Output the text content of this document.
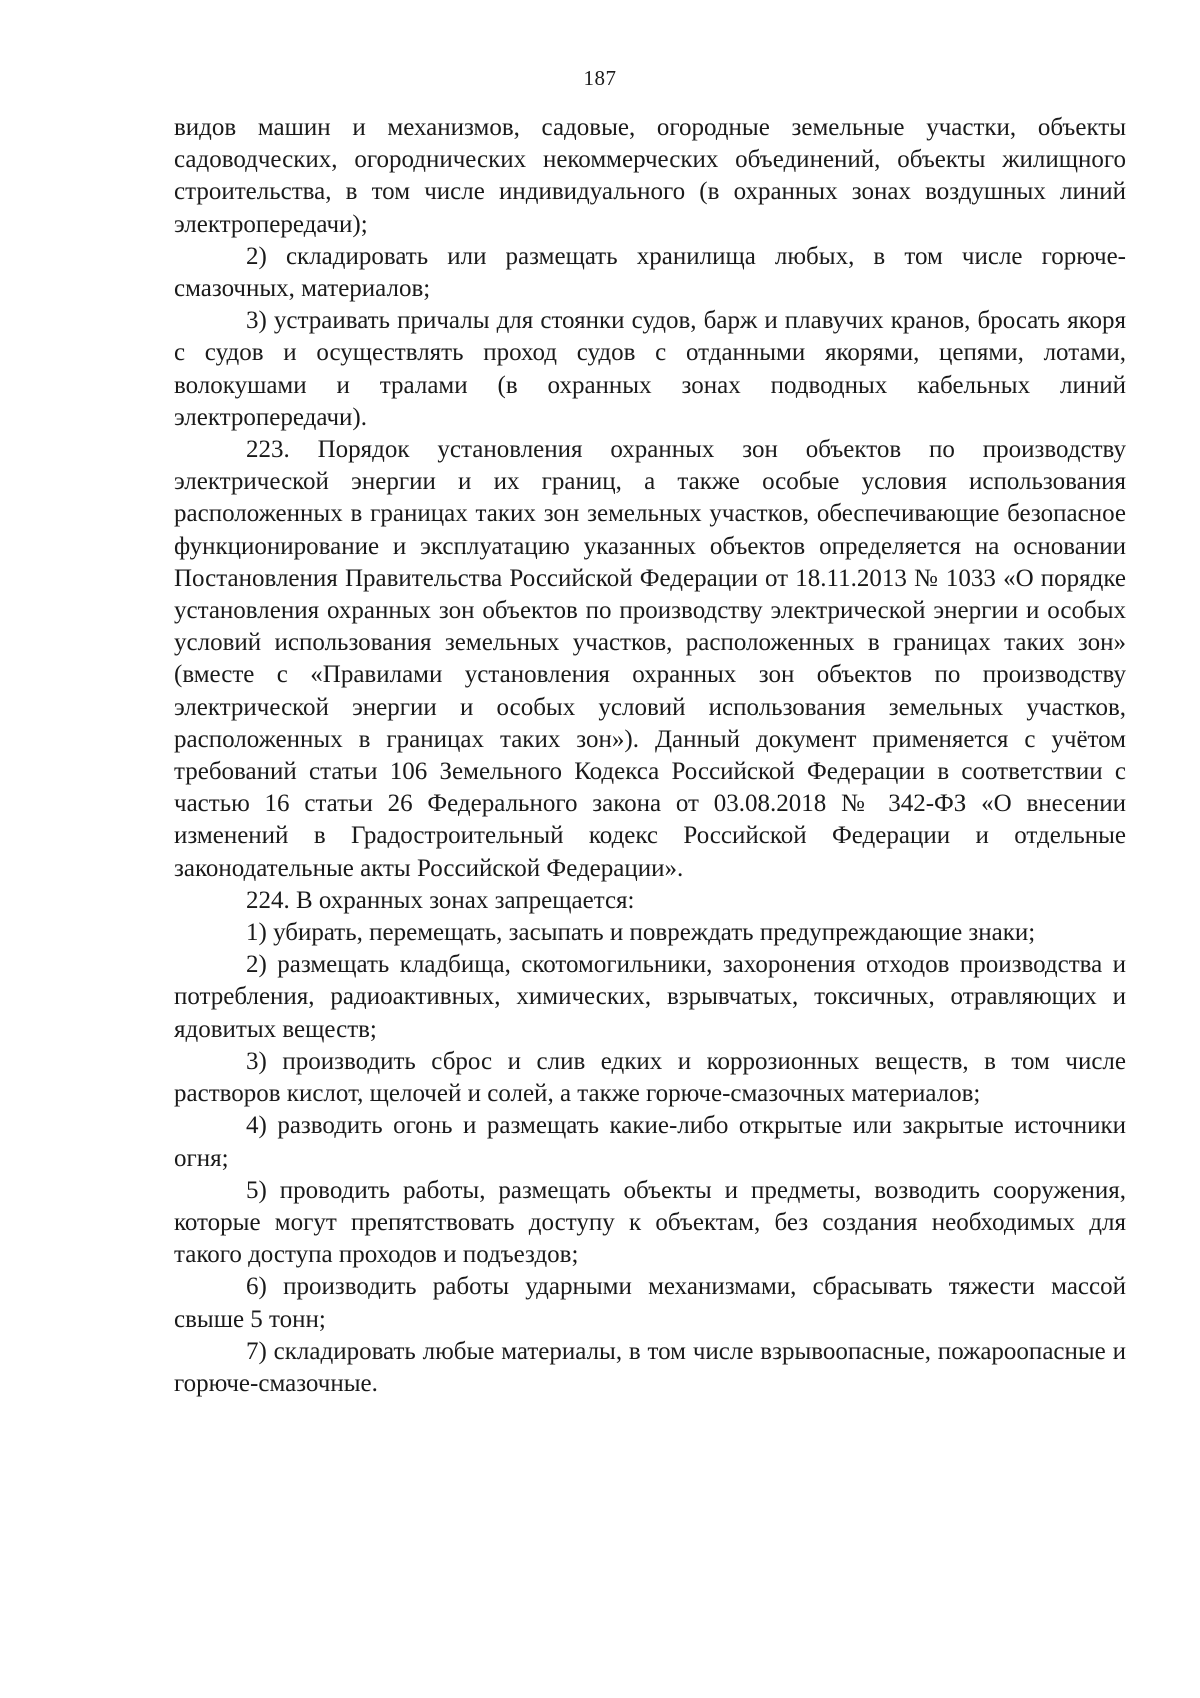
187

видов машин и механизмов, садовые, огородные земельные участки, объекты садоводческих, огороднических некоммерческих объединений, объекты жилищного строительства, в том числе индивидуального (в охранных зонах воздушных линий электропередачи);

2) складировать или размещать хранилища любых, в том числе горюче-смазочных, материалов;

3) устраивать причалы для стоянки судов, барж и плавучих кранов, бросать якоря с судов и осуществлять проход судов с отданными якорями, цепями, лотами, волокушами и тралами (в охранных зонах подводных кабельных линий электропередачи).

223. Порядок установления охранных зон объектов по производству электрической энергии и их границ, а также особые условия использования расположенных в границах таких зон земельных участков, обеспечивающие безопасное функционирование и эксплуатацию указанных объектов определяется на основании Постановления Правительства Российской Федерации от 18.11.2013 № 1033 «О порядке установления охранных зон объектов по производству электрической энергии и особых условий использования земельных участков, расположенных в границах таких зон» (вместе с «Правилами установления охранных зон объектов по производству электрической энергии и особых условий использования земельных участков, расположенных в границах таких зон»). Данный документ применяется с учётом требований статьи 106 Земельного Кодекса Российской Федерации в соответствии с частью 16 статьи 26 Федерального закона от 03.08.2018 № 342-ФЗ «О внесении изменений в Градостроительный кодекс Российской Федерации и отдельные законодательные акты Российской Федерации».

224. В охранных зонах запрещается:

1) убирать, перемещать, засыпать и повреждать предупреждающие знаки;

2) размещать кладбища, скотомогильники, захоронения отходов производства и потребления, радиоактивных, химических, взрывчатых, токсичных, отравляющих и ядовитых веществ;

3) производить сброс и слив едких и коррозионных веществ, в том числе растворов кислот, щелочей и солей, а также горюче-смазочных материалов;

4) разводить огонь и размещать какие-либо открытые или закрытые источники огня;

5) проводить работы, размещать объекты и предметы, возводить сооружения, которые могут препятствовать доступу к объектам, без создания необходимых для такого доступа проходов и подъездов;

6) производить работы ударными механизмами, сбрасывать тяжести массой свыше 5 тонн;

7) складировать любые материалы, в том числе взрывоопасные, пожароопасные и горюче-смазочные.
